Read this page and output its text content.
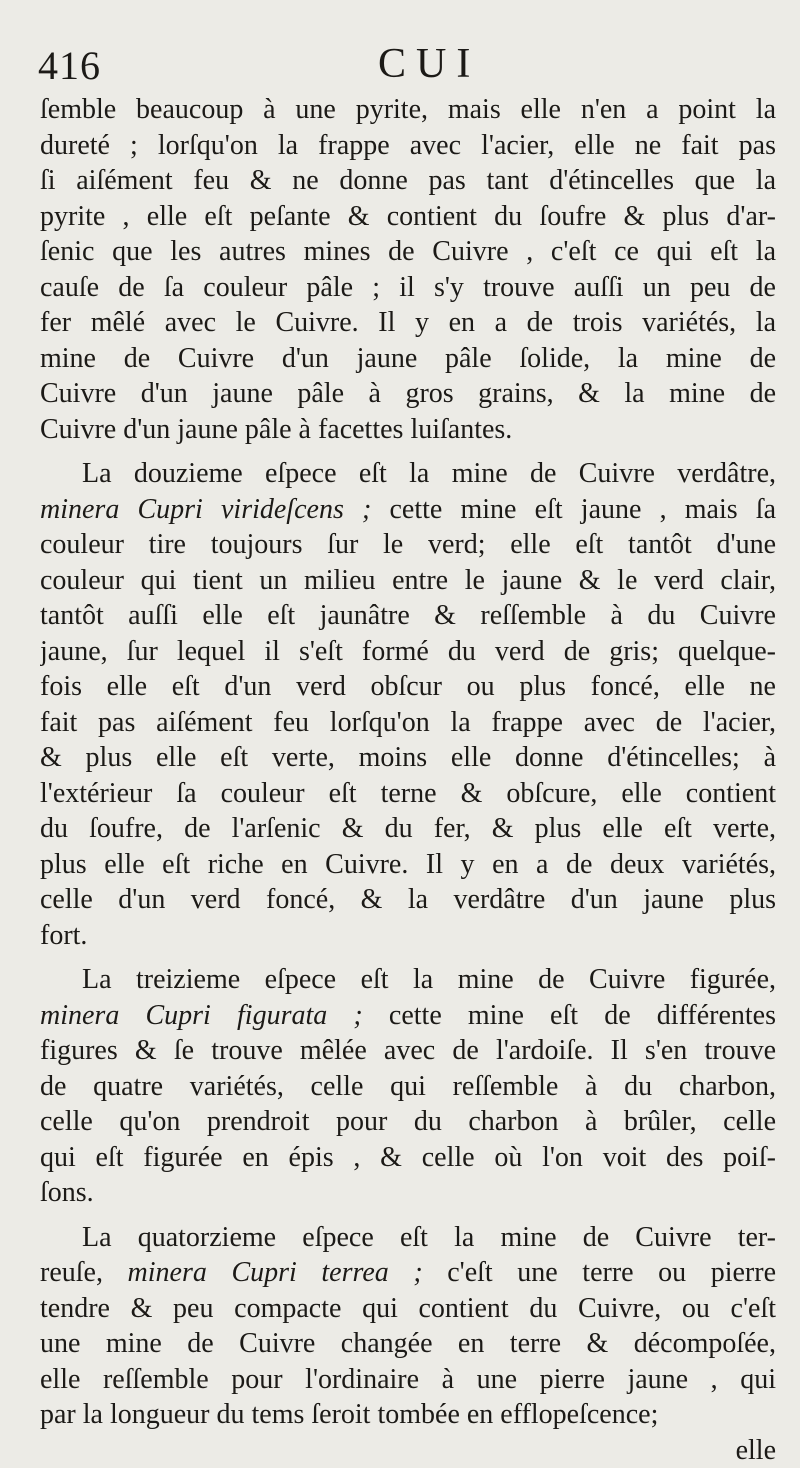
416	CUI
ſemble beaucoup à une pyrite, mais elle n'en a point la
dureté ; lorſqu'on la frappe avec l'acier, elle ne fait pas
ſi aiſément feu & ne donne pas tant d'étincelles que la
pyrite , elle eſt peſante & contient du ſoufre & plus d'ar-
ſenic que les autres mines de Cuivre , c'eſt ce qui eſt la
cauſe de ſa couleur pâle ; il s'y trouve auſſi un peu de
fer mêlé avec le Cuivre. Il y en a de trois variétés, la
mine de Cuivre d'un jaune pâle ſolide, la mine de
Cuivre d'un jaune pâle à gros grains, & la mine de
Cuivre d'un jaune pâle à facettes luiſantes.
La douzieme eſpece eſt la mine de Cuivre verdâtre,
minera Cupri virideſcens ; cette mine eſt jaune , mais ſa
couleur tire toujours ſur le verd; elle eſt tantôt d'une
couleur qui tient un milieu entre le jaune & le verd clair,
tantôt auſſi elle eſt jaunâtre & reſſemble à du Cuivre
jaune, ſur lequel il s'eſt formé du verd de gris; quelque-
fois elle eſt d'un verd obſcur ou plus foncé, elle ne
fait pas aiſément feu lorſqu'on la frappe avec de l'acier,
& plus elle eſt verte, moins elle donne d'étincelles; à
l'extérieur ſa couleur eſt terne & obſcure, elle contient
du ſoufre, de l'arſenic & du fer, & plus elle eſt verte,
plus elle eſt riche en Cuivre. Il y en a de deux variétés,
celle d'un verd foncé, & la verdâtre d'un jaune plus
fort.
La treizieme eſpece eſt la mine de Cuivre figurée,
minera Cupri figurata ; cette mine eſt de différentes
figures & ſe trouve mêlée avec de l'ardoiſe. Il s'en trouve
de quatre variétés, celle qui reſſemble à du charbon,
celle qu'on prendroit pour du charbon à brûler, celle
qui eſt figurée en épis , & celle où l'on voit des poiſ-
ſons.
La quatorzieme eſpece eſt la mine de Cuivre ter-
reuſe, minera Cupri terrea ; c'eſt une terre ou pierre
tendre & peu compacte qui contient du Cuivre, ou c'eſt
une mine de Cuivre changée en terre & décompoſée,
elle reſſemble pour l'ordinaire à une pierre jaune , qui
par la longueur du tems ſeroit tombée en efflореſcence;
elle
